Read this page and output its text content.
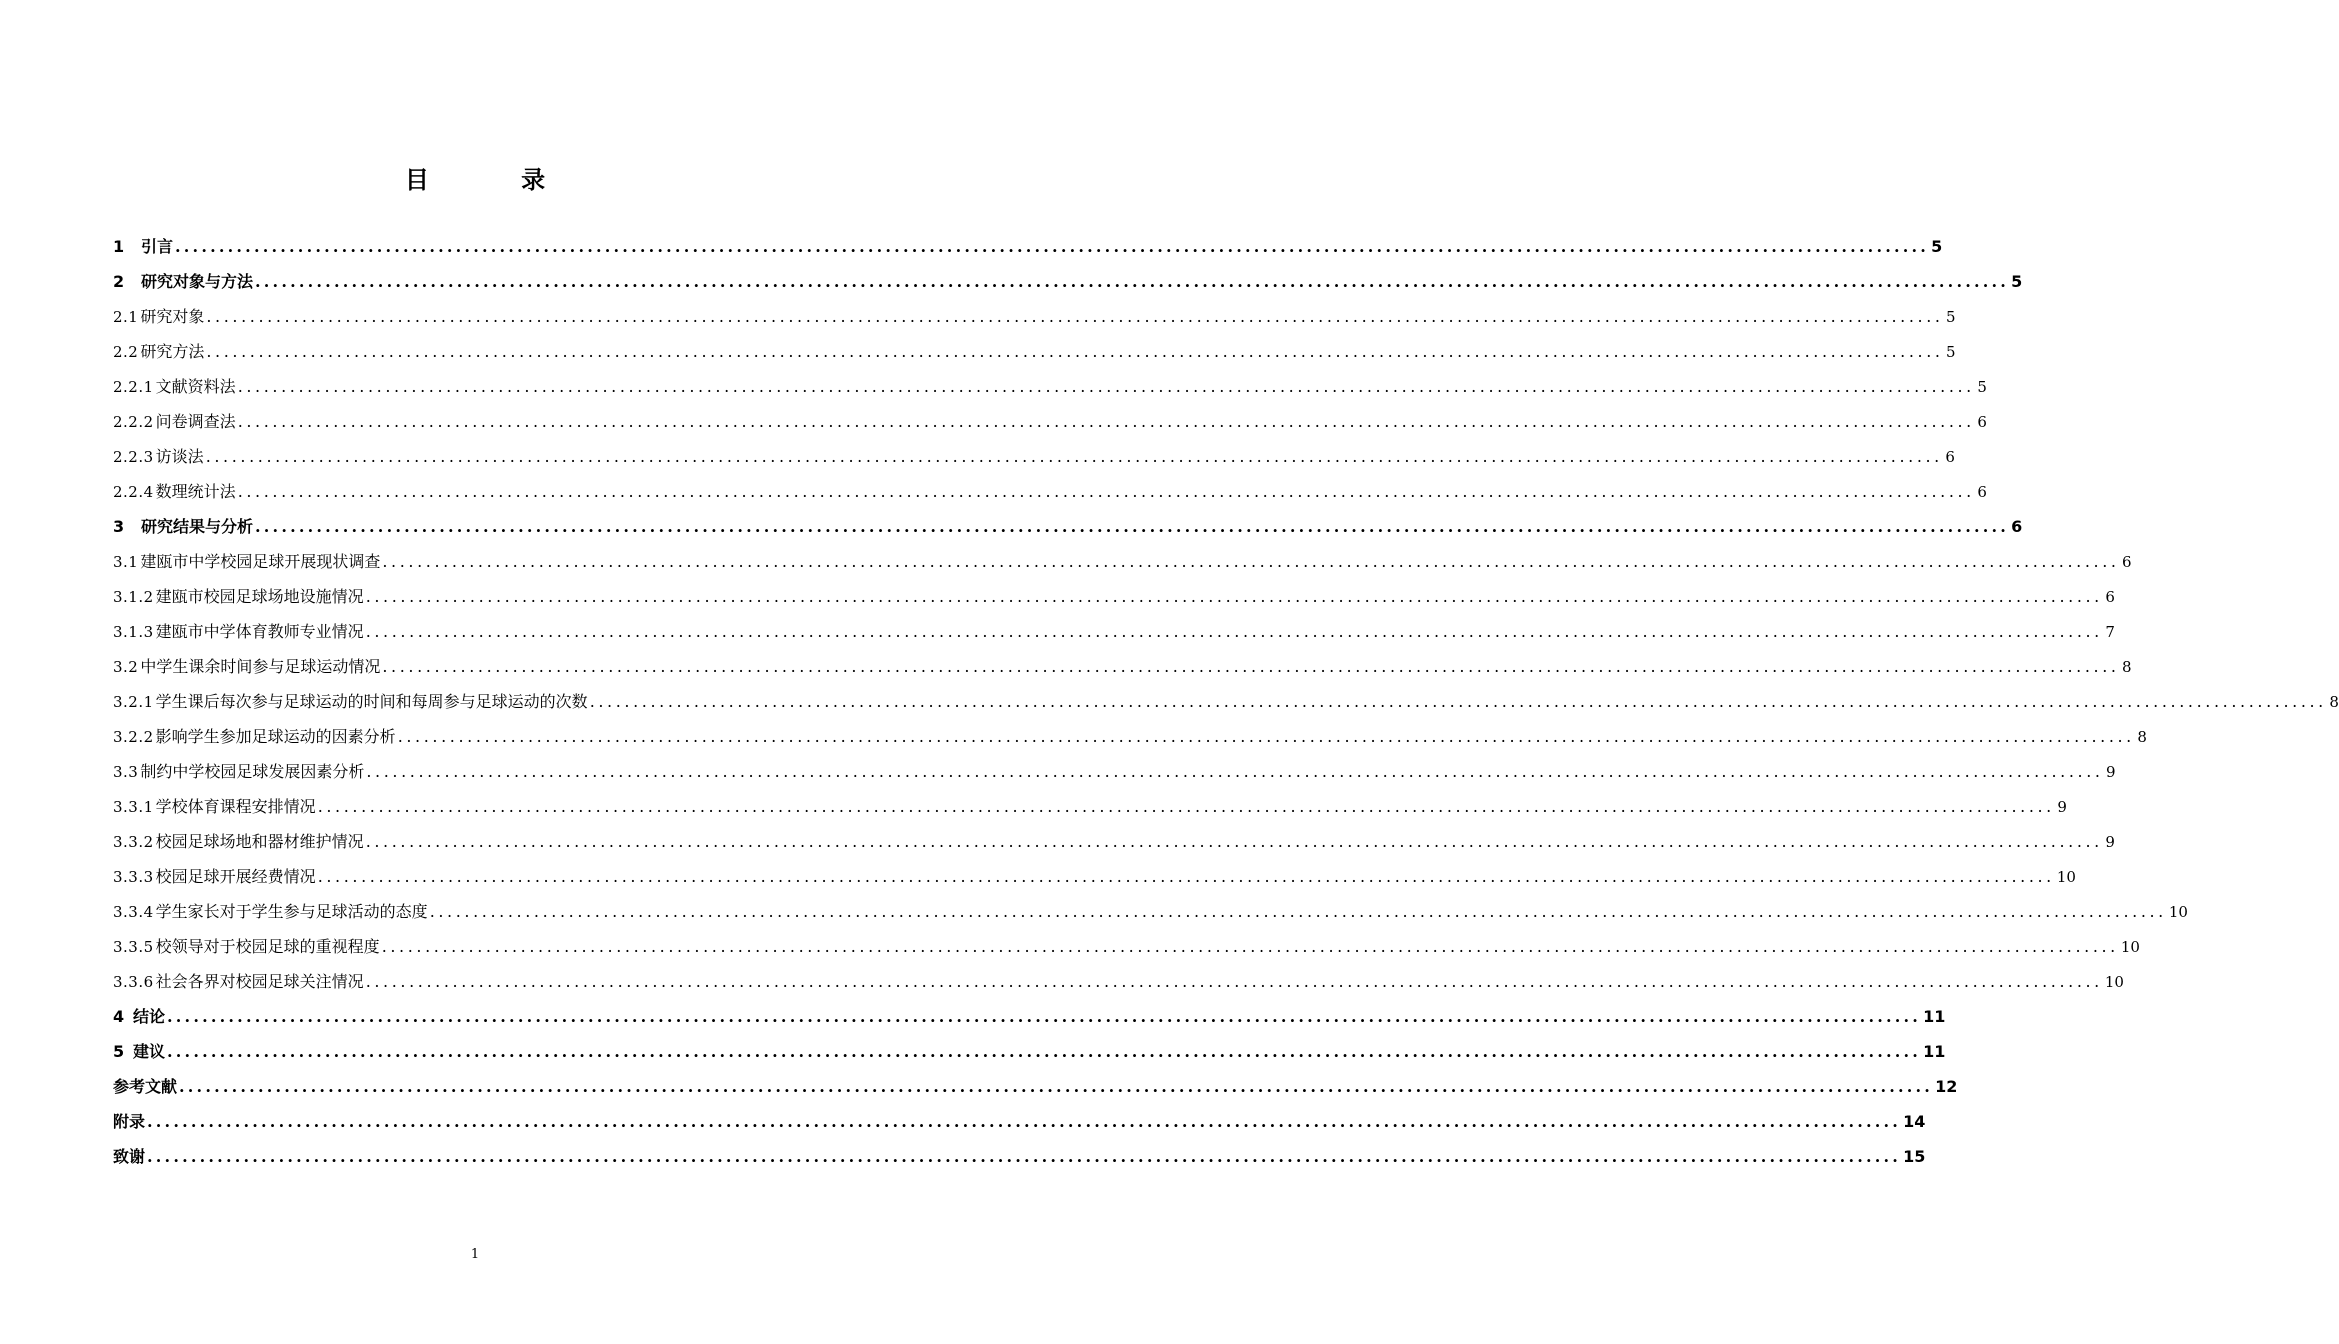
目 录
1	引言 ........................................................................................................................................................................................................ 5
2	研究对象与方法 ........................................................................................................................................................................................................ 5
2.1 研究对象 ........................................................................................................................................................................................................ 5
2.2 研究方法 ........................................................................................................................................................................................................ 5
2.2.1 文献资料法 ........................................................................................................................................................................................................ 5
2.2.2 问卷调查法 ........................................................................................................................................................................................................ 6
2.2.3 访谈法 ........................................................................................................................................................................................................ 6
2.2.4 数理统计法 ........................................................................................................................................................................................................ 6
3	研究结果与分析 ........................................................................................................................................................................................................ 6
3.1 建瓯市中学校园足球开展现状调查 ........................................................................................................................................................................................................ 6
3.1.2 建瓯市校园足球场地设施情况 ........................................................................................................................................................................................................ 6
3.1.3 建瓯市中学体育教师专业情况 ........................................................................................................................................................................................................ 7
3.2 中学生课余时间参与足球运动情况 ........................................................................................................................................................................................................ 8
3.2.1 学生课后每次参与足球运动的时间和每周参与足球运动的次数 ........................................................................................................................................................................................................ 8
3.2.2 影响学生参加足球运动的因素分析 ........................................................................................................................................................................................................ 8
3.3 制约中学校园足球发展因素分析 ........................................................................................................................................................................................................ 9
3.3.1 学校体育课程安排情况 ........................................................................................................................................................................................................ 9
3.3.2 校园足球场地和器材维护情况 ........................................................................................................................................................................................................ 9
3.3.3 校园足球开展经费情况 ........................................................................................................................................................................................................ 10
3.3.4 学生家长对于学生参与足球活动的态度 ........................................................................................................................................................................................................ 10
3.3.5 校领导对于校园足球的重视程度 ........................................................................................................................................................................................................ 10
3.3.6 社会各界对校园足球关注情况 ........................................................................................................................................................................................................ 10
4 结论 ........................................................................................................................................................................................................ 11
5 建议 ........................................................................................................................................................................................................ 11
参考文献 ........................................................................................................................................................................................................ 12
附录 ........................................................................................................................................................................................................ 14
致谢 ........................................................................................................................................................................................................ 15
1
